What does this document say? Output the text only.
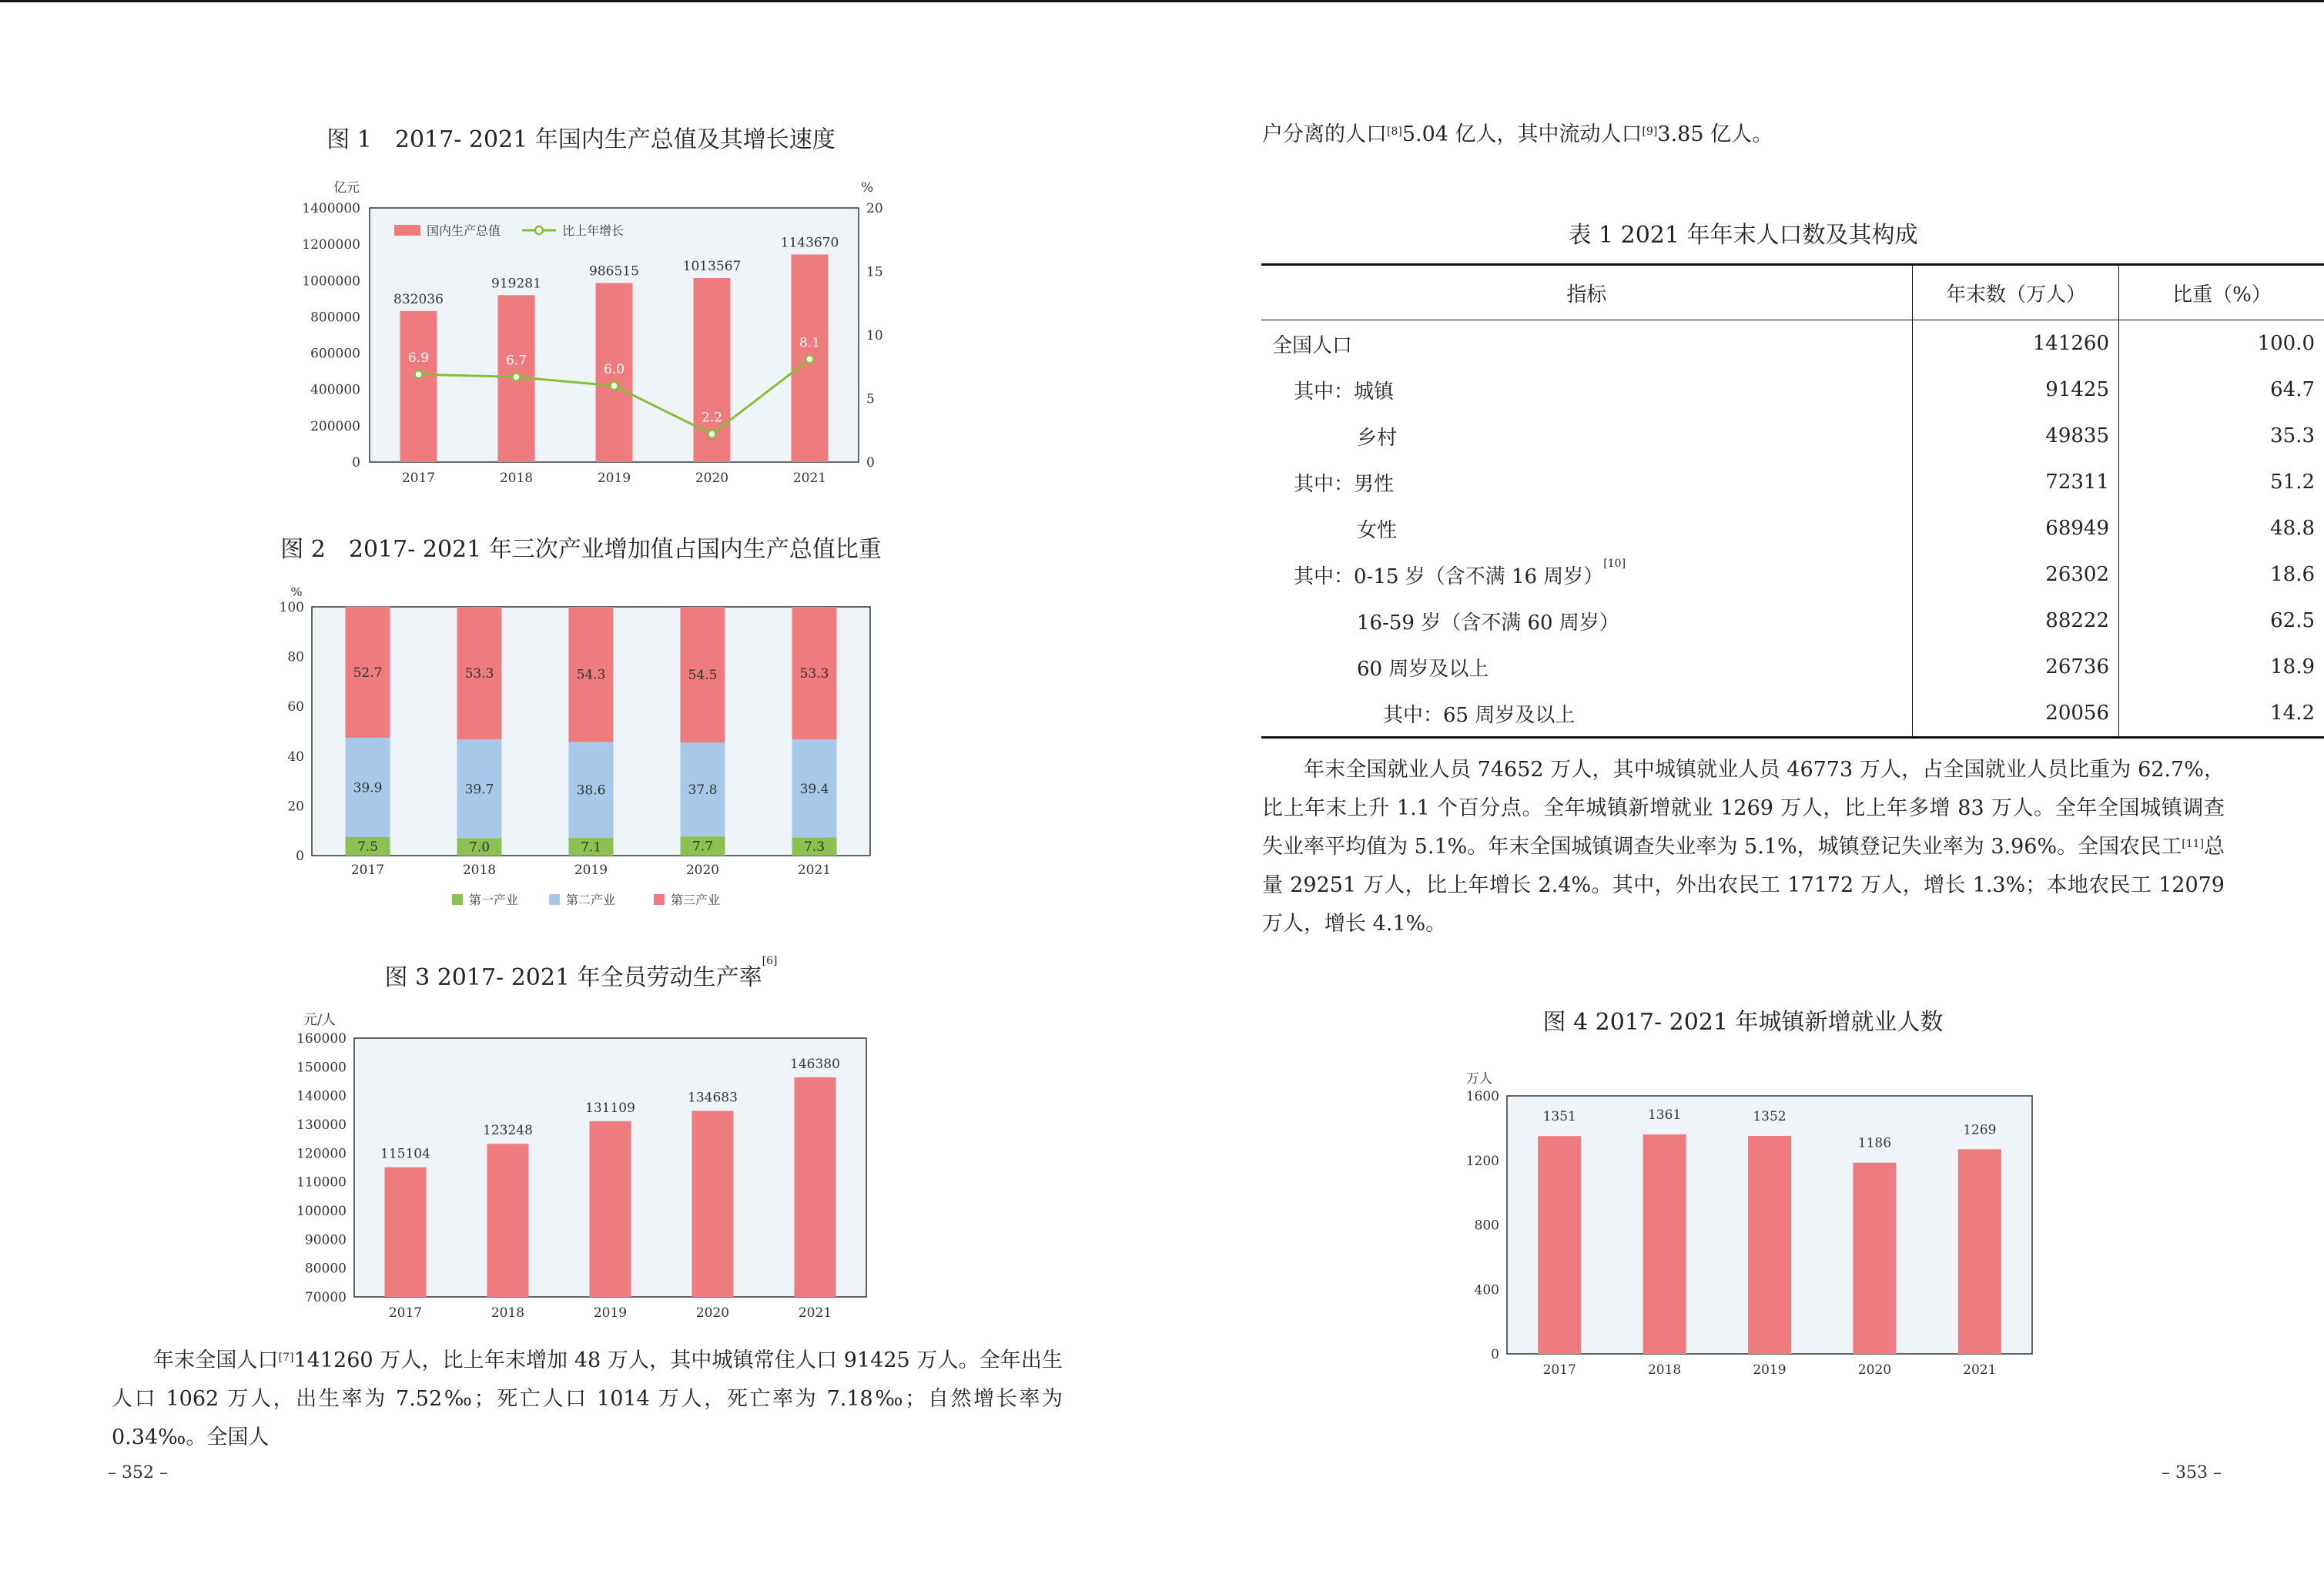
图 1　2017- 2021 年国内生产总值及其增长速度
亿元	%
0
200000
400000
600000
800000
1000000
1200000
1400000
0
5
10
15
20
832036
2017
919281
2018
986515
2019
1013567
2020
1143670
2021
6.9	6.7
6.0
2.2
8.1
国内生产总值	比上年增长
图 2　2017- 2021 年三次产业增加值占国内生产总值比重
%
0
20
40
60
80
100
7.5
39.9
52.7
2017
7.0
39.7
53.3
2018
7.1
38.6
54.3
2019
7.7
37.8
54.5
2020
7.3
39.4
53.3
2021
第一产业	第二产业	第三产业
图 3 2017- 2021 年全员劳动生产率[6]
元/人
70000
80000
90000
100000
110000
120000
130000
140000
150000
160000
115104
2017
123248
2018
131109
2019
134683
2020
146380
2021

年末全国人口[7]141260 万人，比上年末增加 48 万人，其中城镇常住人口 91425 万人。全年出生人口 1062 万人，出生率为 7.52‰；死亡人口 1014 万人，死亡率为 7.18‰；自然增长率为 0.34‰。全国人

– 352 –
户分离的人口[8]5.04 亿人，其中流动人口[9]3.85 亿人。
表 1 2021 年年末人口数及其构成
指标	年末数（万人）	比重（%）
全国人口	141260	100.0
其中：城镇	91425	64.7
乡村	49835	35.3
其中：男性	72311	51.2
女性	68949	48.8
其中：0-15 岁（含不满 16 周岁）[10]	26302	18.6
16-59 岁（含不满 60 周岁）	88222	62.5
60 周岁及以上	26736	18.9
其中：65 周岁及以上	20056	14.2

年末全国就业人员 74652 万人，其中城镇就业人员 46773 万人，占全国就业人员比重为 62.7%，比上年末上升 1.1 个百分点。全年城镇新增就业 1269 万人，比上年多增 83 万人。全年全国城镇调查失业率平均值为 5.1%。年末全国城镇调查失业率为 5.1%，城镇登记失业率为 3.96%。全国农民工[11]总量 29251 万人，比上年增长 2.4%。其中，外出农民工 17172 万人，增长 1.3%；本地农民工 12079 万人，增长 4.1%。

图 4 2017- 2021 年城镇新增就业人数
万人
0
400
800
1200
1600
1351
2017
1361
2018
1352
2019
1186
2020
1269
2021
– 353 –
